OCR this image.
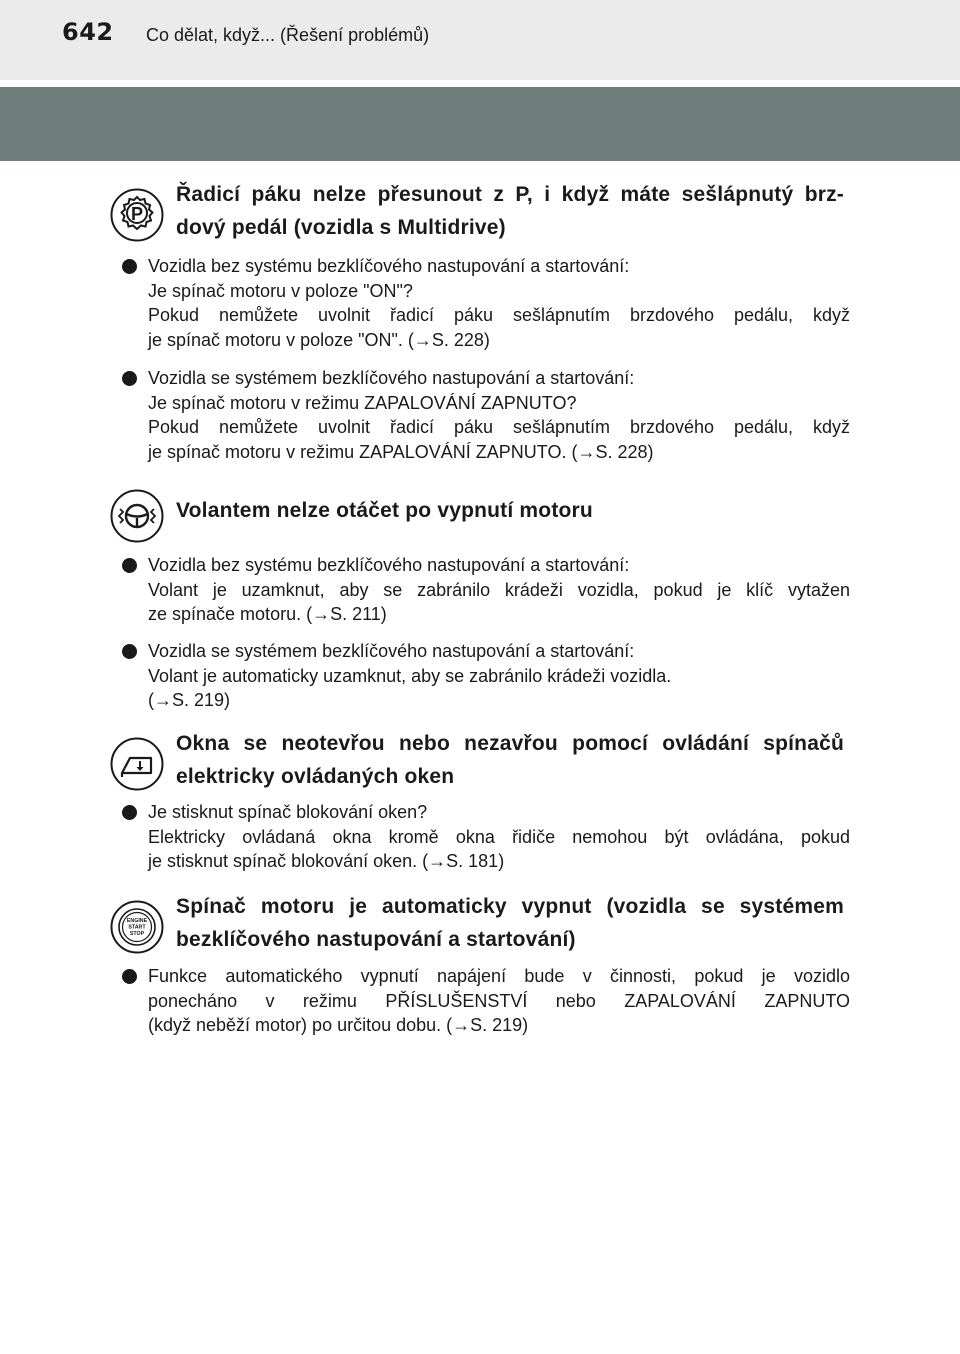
642 Co dělat, když... (Řešení problémů)
P
Řadicí páku nelze přesunout z P, i když máte sešlápnutý brz-
dový pedál (vozidla s Multidrive)
Vozidla bez systému bezklíčového nastupování a startování:
Je spínač motoru v poloze "ON"?
Pokud nemůžete uvolnit řadicí páku sešlápnutím brzdového pedálu, když
je spínač motoru v poloze "ON". (→S. 228)
Vozidla se systémem bezklíčového nastupování a startování:
Je spínač motoru v režimu ZAPALOVÁNÍ ZAPNUTO?
Pokud nemůžete uvolnit řadicí páku sešlápnutím brzdového pedálu, když
je spínač motoru v režimu ZAPALOVÁNÍ ZAPNUTO. (→S. 228)
Volantem nelze otáčet po vypnutí motoru
Vozidla bez systému bezklíčového nastupování a startování:
Volant je uzamknut, aby se zabránilo krádeži vozidla, pokud je klíč vytažen
ze spínače motoru. (→S. 211)
Vozidla se systémem bezklíčového nastupování a startování:
Volant je automaticky uzamknut, aby se zabránilo krádeži vozidla.
(→S. 219)
Okna se neotevřou nebo nezavřou pomocí ovládání spínačů
elektricky ovládaných oken
Je stisknut spínač blokování oken?
Elektricky ovládaná okna kromě okna řidiče nemohou být ovládána, pokud
je stisknut spínač blokování oken. (→S. 181)
ENGINE
START
STOP
Spínač motoru je automaticky vypnut (vozidla se systémem
bezklíčového nastupování a startování)
Funkce automatického vypnutí napájení bude v činnosti, pokud je vozidlo
ponecháno v režimu PŘÍSLUŠENSTVÍ nebo ZAPALOVÁNÍ ZAPNUTO
(když neběží motor) po určitou dobu. (→S. 219)
